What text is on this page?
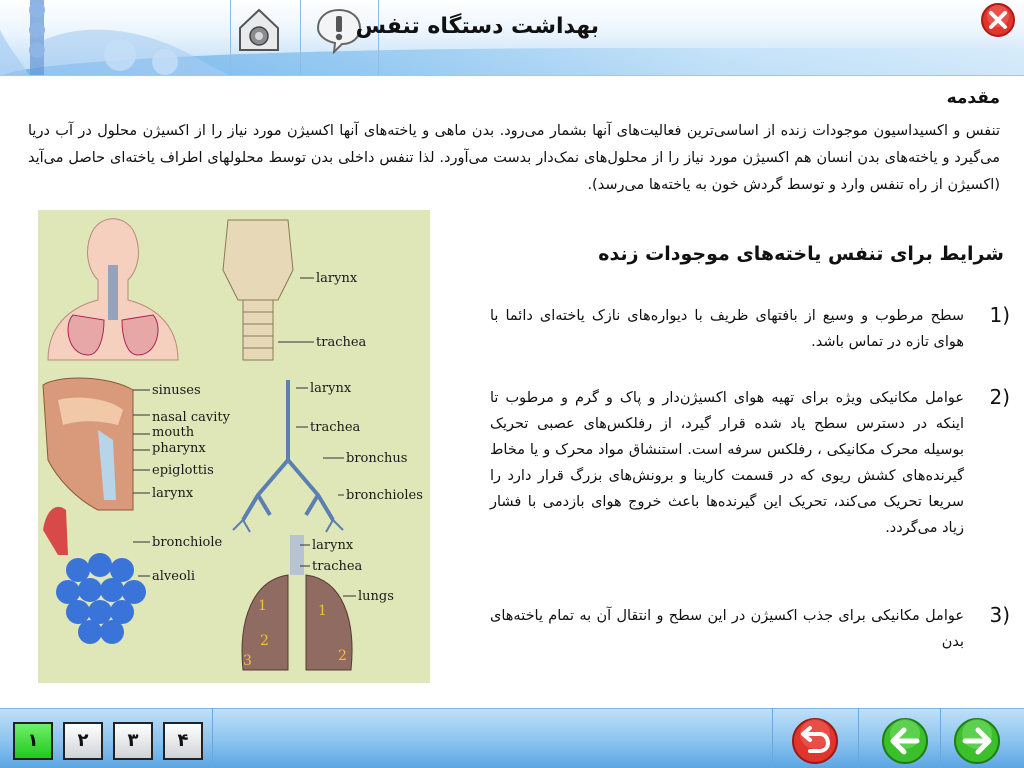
بهداشت دستگاه تنفس
مقدمه
تنفس و اکسیداسیون موجودات زنده از اساسی‌ترین فعالیت‌های آنها بشمار می‌رود. بدن ماهی و یاخته‌های آنها اکسیژن مورد نیاز را از اکسیژن محلول در آب دریا می‌گیرد و یاخته‌های بدن انسان هم اکسیژن مورد نیاز را از محلول‌های نمک‌دار بدست می‌آورد. لذا تنفس داخلی بدن توسط محلولهای اطراف یاخته‌ای حاصل می‌آید (اکسیژن از راه تنفس وارد و توسط گردش خون به یاخته‌ها می‌رسد).
larynx
trachea
sinuses
nasal cavity
mouth
pharynx
epiglottis
larynx
larynx
trachea
bronchus
bronchioles
bronchiole
alveoli
1
2
3
1
2
larynx
trachea
lungs
شرایط برای تنفس یاخته‌های موجودات زنده
(1
سطح مرطوب و وسیع از بافتهای ظریف با دیواره‌های نازک یاخته‌ای دائما با هوای تازه در تماس باشد.
(2
عوامل مکانیکی ویژه برای تهیه هوای اکسیژن‌دار و پاک و گرم و مرطوب تا اینکه در دسترس سطح یاد شده قرار گیرد، از رفلکس‌های عصبی تحریک بوسیله محرک مکانیکی ، رفلکس سرفه است. استنشاق مواد محرک و یا مخاط گیرنده‌های کشش ریوی که در قسمت کارینا و برونش‌های بزرگ قرار دارد را سریعا تحریک می‌کند، تحریک این گیرنده‌ها باعث خروج هوای بازدمی با فشار زیاد می‌گردد.
(3
عوامل مکانیکی برای جذب اکسیژن در این سطح و انتقال آن به تمام یاخته‌های بدن
۱	۲	۳	۴
